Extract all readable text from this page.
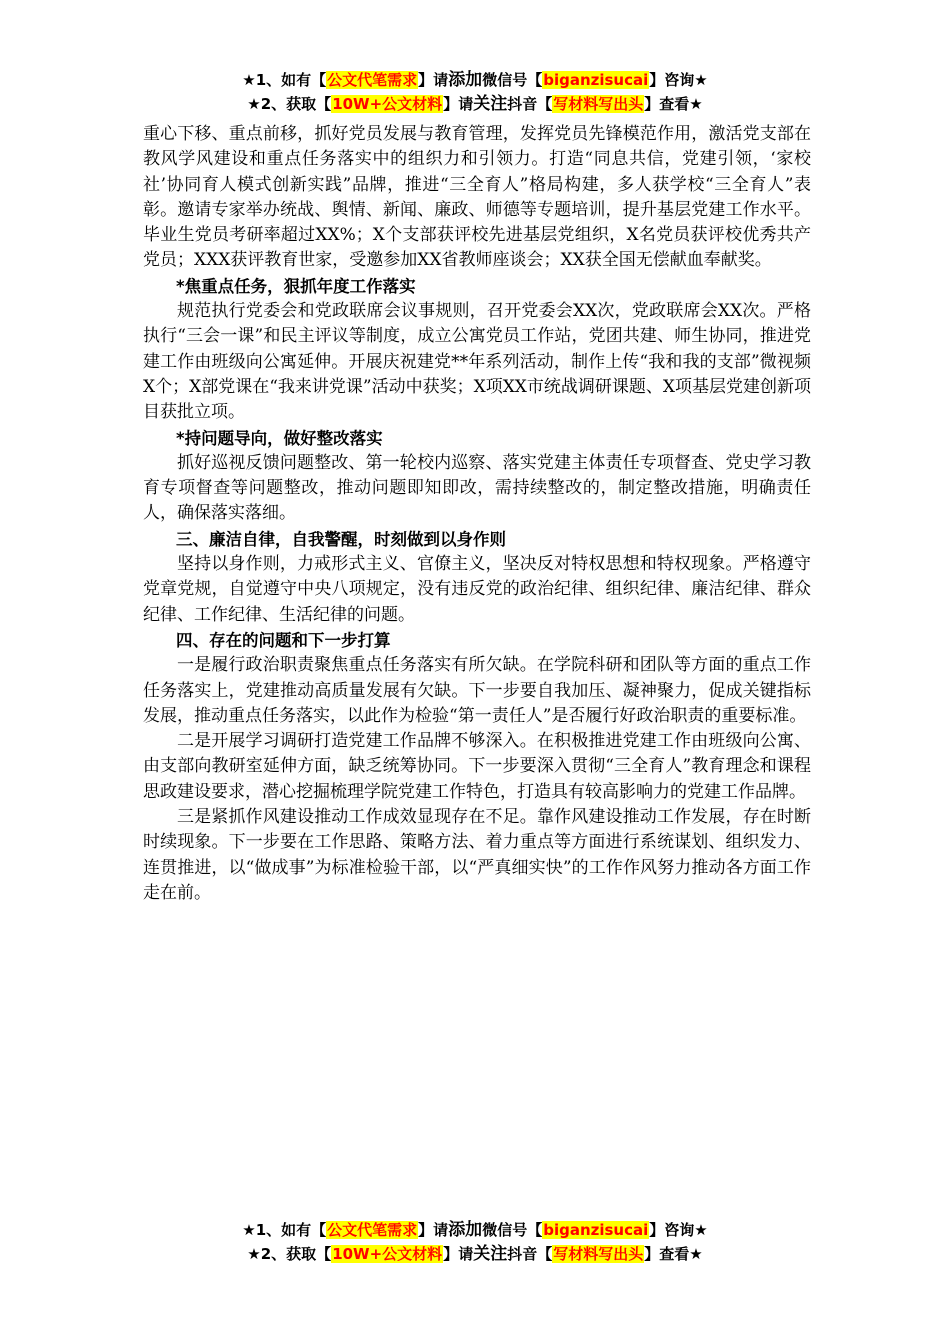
★1、如有【公文代笔需求】请添加微信号【biganzisucai】咨询★
★2、获取【10W+公文材料】请关注抖音【写材料写出头】查看★

重心下移、重点前移，抓好党员发展与教育管理，发挥党员先锋模范作用，激活党支部在教风学风建设和重点任务落实中的组织力和引领力。打造“同息共信，党建引领，‘家校社’协同育人模式创新实践”品牌，推进“三全育人”格局构建，多人获学校“三全育人”表彰。邀请专家举办统战、舆情、新闻、廉政、师德等专题培训，提升基层党建工作水平。毕业生党员考研率超过XX%；X个支部获评校先进基层党组织，X名党员获评校优秀共产党员；XXX获评教育世家，受邀参加XX省教师座谈会；XX获全国无偿献血奉献奖。

*焦重点任务，狠抓年度工作落实

规范执行党委会和党政联席会议事规则，召开党委会XX次，党政联席会XX次。严格执行“三会一课”和民主评议等制度，成立公寓党员工作站，党团共建、师生协同，推进党建工作由班级向公寓延伸。开展庆祝建党**年系列活动，制作上传“我和我的支部”微视频X个；X部党课在“我来讲党课”活动中获奖；X项XX市统战调研课题、X项基层党建创新项目获批立项。

*持问题导向，做好整改落实

抓好巡视反馈问题整改、第一轮校内巡察、落实党建主体责任专项督查、党史学习教育专项督查等问题整改，推动问题即知即改，需持续整改的，制定整改措施，明确责任人，确保落实落细。

三、廉洁自律，自我警醒，时刻做到以身作则

坚持以身作则，力戒形式主义、官僚主义，坚决反对特权思想和特权现象。严格遵守党章党规，自觉遵守中央八项规定，没有违反党的政治纪律、组织纪律、廉洁纪律、群众纪律、工作纪律、生活纪律的问题。

四、存在的问题和下一步打算

一是履行政治职责聚焦重点任务落实有所欠缺。在学院科研和团队等方面的重点工作任务落实上，党建推动高质量发展有欠缺。下一步要自我加压、凝神聚力，促成关键指标发展，推动重点任务落实，以此作为检验“第一责任人”是否履行好政治职责的重要标准。

二是开展学习调研打造党建工作品牌不够深入。在积极推进党建工作由班级向公寓、由支部向教研室延伸方面，缺乏统筹协同。下一步要深入贯彻“三全育人”教育理念和课程思政建设要求，潜心挖掘梳理学院党建工作特色，打造具有较高影响力的党建工作品牌。

三是紧抓作风建设推动工作成效显现存在不足。靠作风建设推动工作发展，存在时断时续现象。下一步要在工作思路、策略方法、着力重点等方面进行系统谋划、组织发力、连贯推进，以“做成事”为标准检验干部，以“严真细实快”的工作作风努力推动各方面工作走在前。

★1、如有【公文代笔需求】请添加微信号【biganzisucai】咨询★
★2、获取【10W+公文材料】请关注抖音【写材料写出头】查看★
